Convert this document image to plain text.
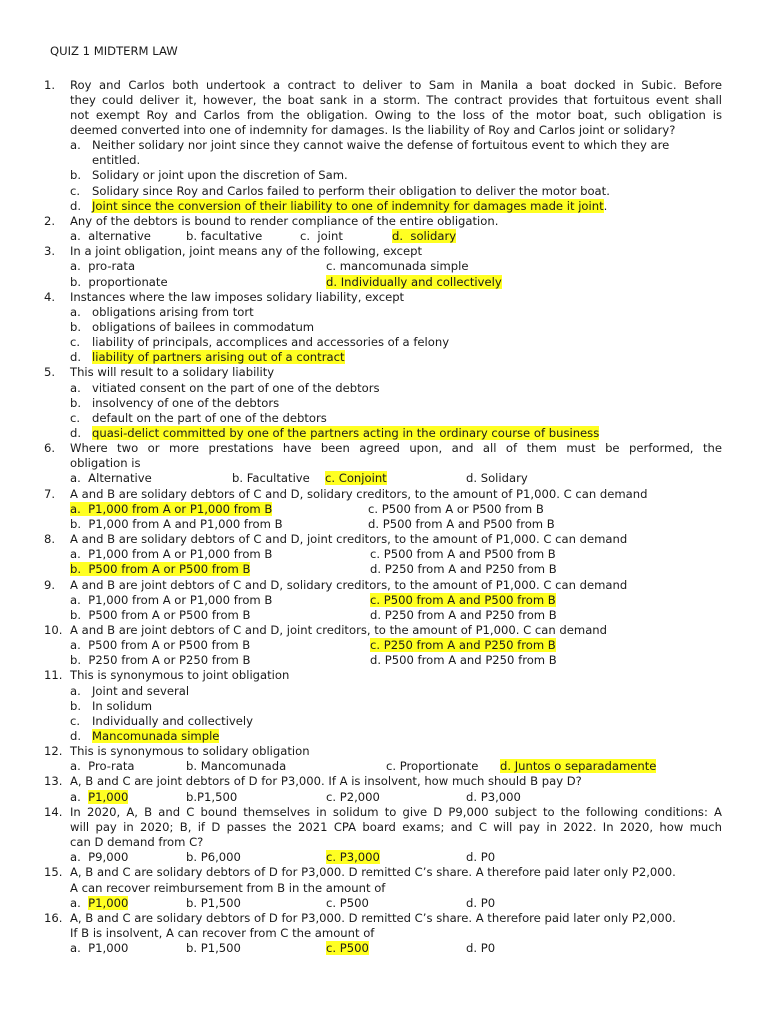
QUIZ 1 MIDTERM LAW
1. Roy and Carlos both undertook a contract to deliver to Sam in Manila a boat docked in Subic. Before
they could deliver it, however, the boat sank in a storm. The contract provides that fortuitous event shall
not exempt Roy and Carlos from the obligation. Owing to the loss of the motor boat, such obligation is
deemed converted into one of indemnity for damages. Is the liability of Roy and Carlos joint or solidary?
a. Neither solidary nor joint since they cannot waive the defense of fortuitous event to which they are
entitled.
b. Solidary or joint upon the discretion of Sam.
c. Solidary since Roy and Carlos failed to perform their obligation to deliver the motor boat.
d. Joint since the conversion of their liability to one of indemnity for damages made it joint.
2. Any of the debtors is bound to render compliance of the entire obligation.
a.  alternative	b. facultative	c.  joint	d.  solidary
3. In a joint obligation, joint means any of the following, except
a.  pro-rata	c. mancomunada simple
b.  proportionate	d. Individually and collectively
4. Instances where the law imposes solidary liability, except
a. obligations arising from tort
b. obligations of bailees in commodatum
c. liability of principals, accomplices and accessories of a felony
d. liability of partners arising out of a contract
5. This will result to a solidary liability
a. vitiated consent on the part of one of the debtors
b. insolvency of one of the debtors
c. default on the part of one of the debtors
d. quasi-delict committed by one of the partners acting in the ordinary course of business
6. Where two or more prestations have been agreed upon, and all of them must be performed, the
obligation is
a.  Alternative	b. Facultative c. Conjoint	d. Solidary
7. A and B are solidary debtors of C and D, solidary creditors, to the amount of P1,000. C can demand
a.  P1,000 from A or P1,000 from B	c. P500 from A or P500 from B
b.  P1,000 from A and P1,000 from B	d. P500 from A and P500 from B
8. A and B are solidary debtors of C and D, joint creditors, to the amount of P1,000. C can demand
a.  P1,000 from A or P1,000 from B	c. P500 from A and P500 from B
b.  P500 from A or P500 from B	d. P250 from A and P250 from B
9. A and B are joint debtors of C and D, solidary creditors, to the amount of P1,000. C can demand
a.  P1,000 from A or P1,000 from B	c. P500 from A and P500 from B
b.  P500 from A or P500 from B	d. P250 from A and P250 from B
10. A and B are joint debtors of C and D, joint creditors, to the amount of P1,000. C can demand
a.  P500 from A or P500 from B	c. P250 from A and P250 from B
b.  P250 from A or P250 from B	d. P500 from A and P250 from B
11. This is synonymous to joint obligation
a. Joint and several
b. In solidum
c. Individually and collectively
d. Mancomunada simple
12. This is synonymous to solidary obligation
a.  Pro-rata	b. Mancomunada	c. Proportionate d. Juntos o separadamente
13. A, B and C are joint debtors of D for P3,000. If A is insolvent, how much should B pay D?
a.  P1,000	b.P1,500	c. P2,000	d. P3,000
14. In 2020, A, B and C bound themselves in solidum to give D P9,000 subject to the following conditions: A
will pay in 2020; B, if D passes the 2021 CPA board exams; and C will pay in 2022. In 2020, how much
can D demand from C?
a.  P9,000	b. P6,000	c. P3,000	d. P0
15. A, B and C are solidary debtors of D for P3,000. D remitted C’s share. A therefore paid later only P2,000.
A can recover reimbursement from B in the amount of
a.  P1,000	b. P1,500	c. P500	d. P0
16. A, B and C are solidary debtors of D for P3,000. D remitted C’s share. A therefore paid later only P2,000.
If B is insolvent, A can recover from C the amount of
a.  P1,000	b. P1,500	c. P500	d. P0
